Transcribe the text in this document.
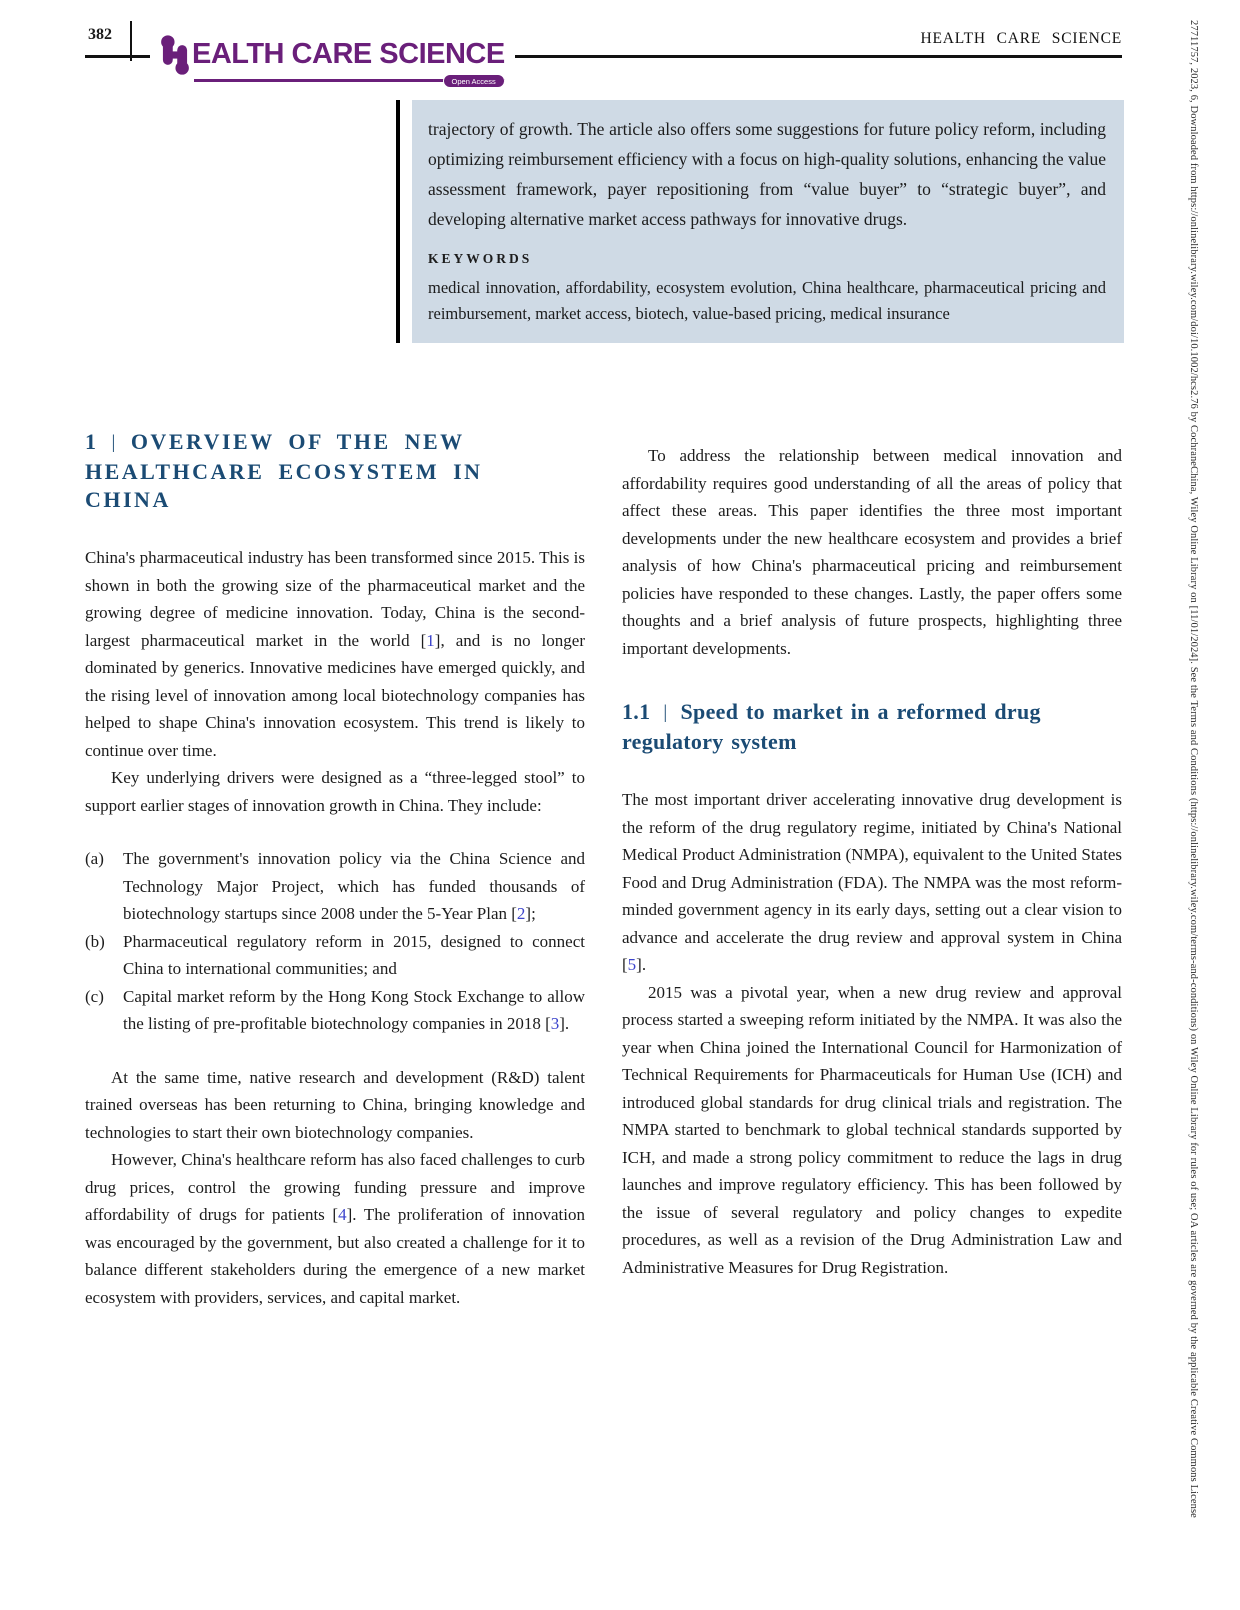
382
EALTH CARE SCIENCE
Open Access
HEALTH CARE SCIENCE	27711757, 2023, 6, Downloaded from https://onlinelibrary.wiley.com/doi/10.1002/hcs2.76 by CochraneChina, Wiley Online Library on [11/01/2024]. See the Terms and Conditions (https://onlinelibrary.wiley.com/terms-and-conditions) on Wiley Online Library for rules of use; OA articles are governed by the applicable Creative Commons License
trajectory of growth. The article also offers some suggestions for future policy reform, including optimizing reimbursement efficiency with a focus on high-quality solutions, enhancing the value assessment framework, payer repositioning from “value buyer” to “strategic buyer”, and developing alternative market access pathways for innovative drugs.
KEYWORDS
medical innovation, affordability, ecosystem evolution, China healthcare, pharmaceutical pricing and reimbursement, market access, biotech, value-based pricing, medical insurance
1 | OVERVIEW OF THE NEW HEALTHCARE ECOSYSTEM IN CHINA

China's pharmaceutical industry has been transformed since 2015. This is shown in both the growing size of the pharmaceutical market and the growing degree of medicine innovation. Today, China is the second-largest pharmaceutical market in the world [1], and is no longer dominated by generics. Innovative medicines have emerged quickly, and the rising level of innovation among local biotechnology companies has helped to shape China's innovation ecosystem. This trend is likely to continue over time.

Key underlying drivers were designed as a “three-legged stool” to support earlier stages of innovation growth in China. They include:

(a)	The government's innovation policy via the China Science and Technology Major Project, which has funded thousands of biotechnology startups since 2008 under the 5-Year Plan [2];
(b)	Pharmaceutical regulatory reform in 2015, designed to connect China to international communities; and
(c)	Capital market reform by the Hong Kong Stock Exchange to allow the listing of pre-profitable biotechnology companies in 2018 [3].

At the same time, native research and development (R&D) talent trained overseas has been returning to China, bringing knowledge and technologies to start their own biotechnology companies.

However, China's healthcare reform has also faced challenges to curb drug prices, control the growing funding pressure and improve affordability of drugs for patients [4]. The proliferation of innovation was encouraged by the government, but also created a challenge for it to balance different stakeholders during the emergence of a new market ecosystem with providers, services, and capital market.

To address the relationship between medical innovation and affordability requires good understanding of all the areas of policy that affect these areas. This paper identifies the three most important developments under the new healthcare ecosystem and provides a brief analysis of how China's pharmaceutical pricing and reimbursement policies have responded to these changes. Lastly, the paper offers some thoughts and a brief analysis of future prospects, highlighting three important developments.

1.1 | Speed to market in a reformed drug regulatory system

The most important driver accelerating innovative drug development is the reform of the drug regulatory regime, initiated by China's National Medical Product Administration (NMPA), equivalent to the United States Food and Drug Administration (FDA). The NMPA was the most reform-minded government agency in its early days, setting out a clear vision to advance and accelerate the drug review and approval system in China [5].

2015 was a pivotal year, when a new drug review and approval process started a sweeping reform initiated by the NMPA. It was also the year when China joined the International Council for Harmonization of Technical Requirements for Pharmaceuticals for Human Use (ICH) and introduced global standards for drug clinical trials and registration. The NMPA started to benchmark to global technical standards supported by ICH, and made a strong policy commitment to reduce the lags in drug launches and improve regulatory efficiency. This has been followed by the issue of several regulatory and policy changes to expedite procedures, as well as a revision of the Drug Administration Law and Administrative Measures for Drug Registration.
